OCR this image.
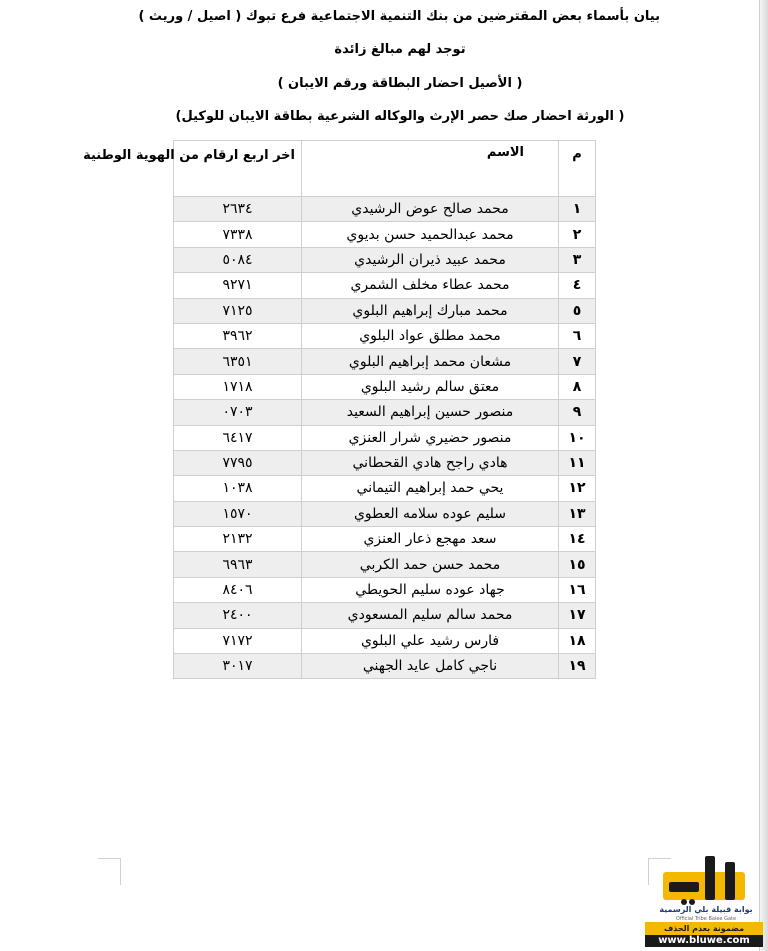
بيان بأسماء بعض المقترضين من بنك التنمية الاجتماعية فرع تبوك ( اصيل / وريث )
توجد لهم مبالغ زائدة
( الأصيل احضار البطاقة ورقم الايبان )
( الورثة احضار صك حصر الإرث والوكاله الشرعية بطاقة الايبان للوكيل)
م	الاسم	اخر اربع ارقام من الهوية الوطنية
١	محمد صالح عوض الرشيدي	٢٦٣٤
٢	محمد عبدالحميد حسن بديوي	٧٣٣٨
٣	محمد عبيد ذيران الرشيدي	٥٠٨٤
٤	محمد عطاء مخلف الشمري	٩٢٧١
٥	محمد مبارك إبراهيم البلوي	٧١٢٥
٦	محمد مطلق عواد البلوي	٣٩٦٢
٧	مشعان محمد إبراهيم البلوي	٦٣٥١
٨	معتق سالم رشيد البلوي	١٧١٨
٩	منصور حسين إبراهيم السعيد	٠٧٠٣
١٠	منصور حضيري شرار العنزي	٦٤١٧
١١	هادي راجح هادي القحطاني	٧٧٩٥
١٢	يحي حمد إبراهيم التيماني	١٠٣٨
١٣	سليم عوده سلامه العطوي	١٥٧٠
١٤	سعد مهجع ذعار العنزي	٢١٣٢
١٥	محمد حسن حمد الكربي	٦٩٦٣
١٦	جهاد عوده سليم الحويطي	٨٤٠٦
١٧	محمد سالم سليم المسعودي	٢٤٠٠
١٨	فارس رشيد علي البلوي	٧١٧٢
١٩	ناجي كامل عايد الجهني	٣٠١٧
بوابة قبيلة بلي الرسمية
Official Tribe Balee Gate
مضمونة بعدم الحذف
www.bluwe.com
